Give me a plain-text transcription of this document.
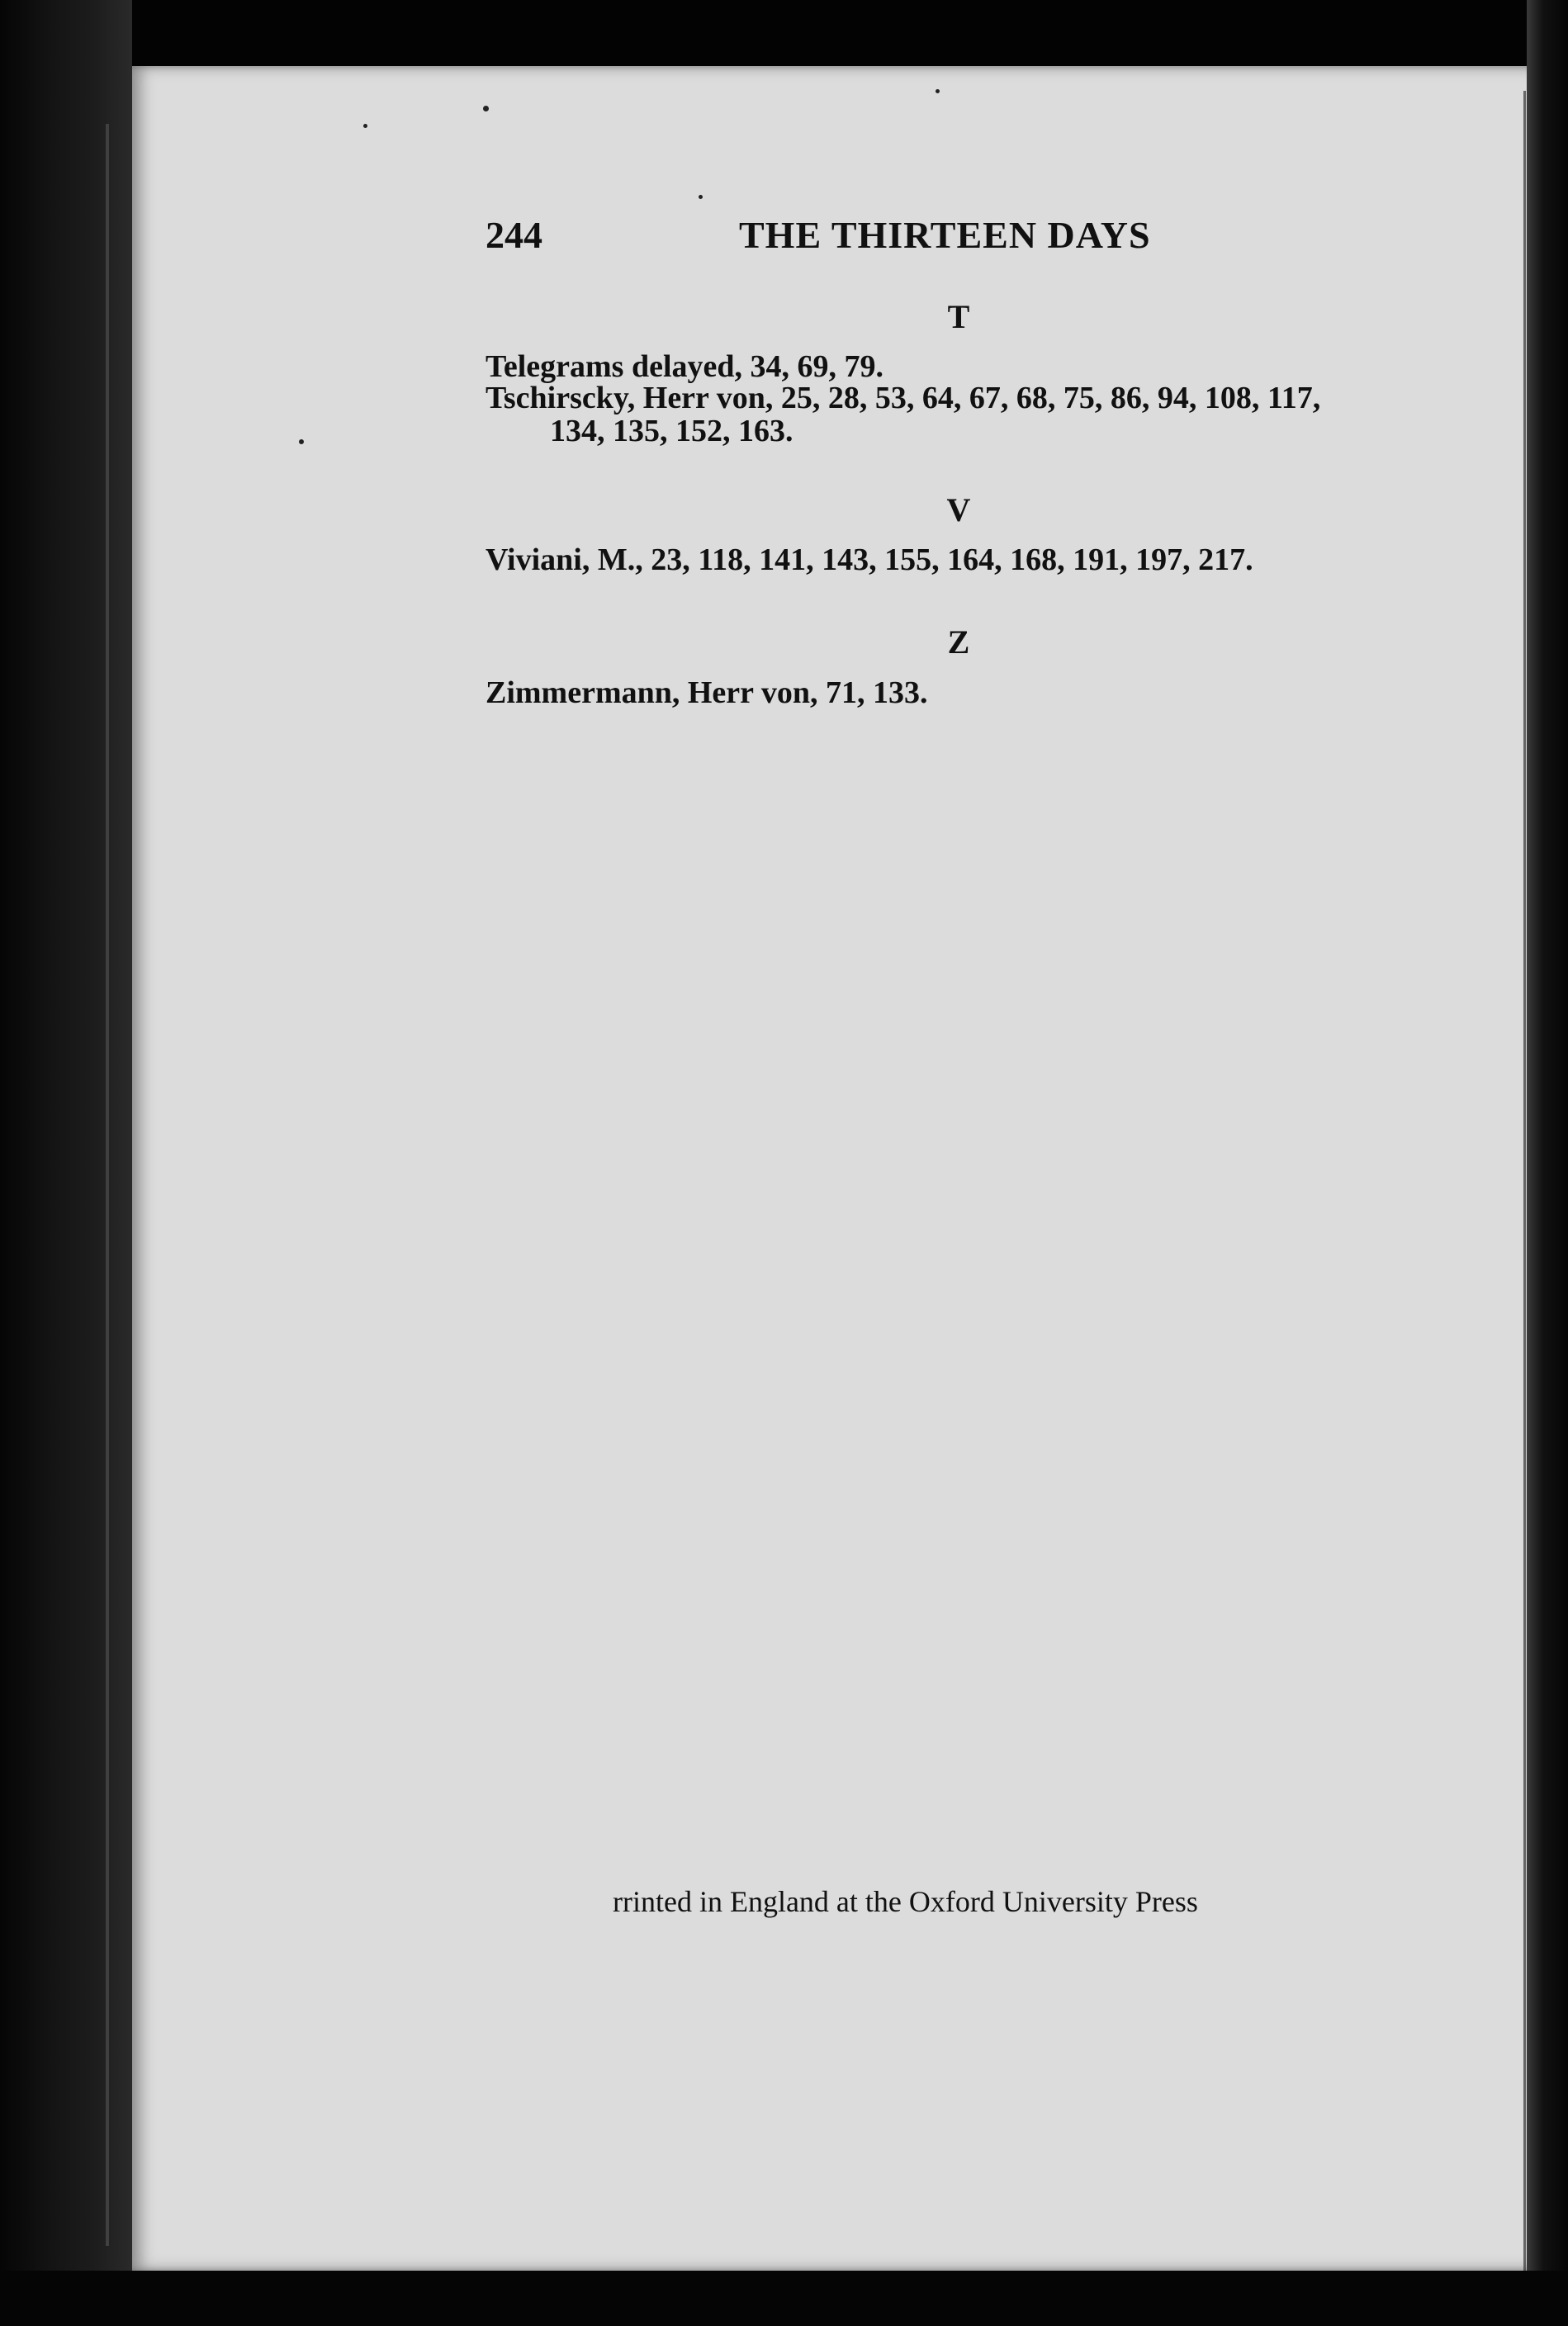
244	THE THIRTEEN DAYS
T
Telegrams delayed, 34, 69, 79.
Tschirscky, Herr von, 25, 28, 53, 64, 67, 68, 75, 86, 94, 108, 117,
134, 135, 152, 163.
V
Viviani, M., 23, 118, 141, 143, 155, 164, 168, 191, 197, 217.
Z
Zimmermann, Herr von, 71, 133.
rrinted in England at the Oxford University Press
